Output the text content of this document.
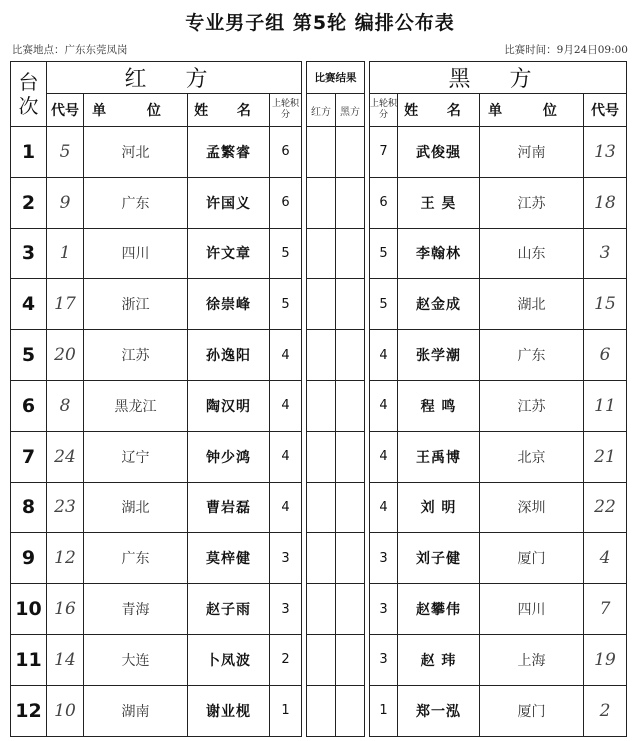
专业男子组 第5轮 编排公布表
比赛地点：广东东莞凤岗	比赛时间：9月24日09:00
台次	红 方					比赛结果			黑 方			
	代号	单 位	姓 名	上轮积分		红方	黑方		上轮积分	姓 名	单 位	代号
1	5	河北	孟繁睿	6					7	武俊强	河南	13
2	9	广东	许国义	6					6	王 昊	江苏	18
3	1	四川	许文章	5					5	李翰林	山东	3
4	17	浙江	徐崇峰	5					5	赵金成	湖北	15
5	20	江苏	孙逸阳	4					4	张学潮	广东	6
6	8	黑龙江	陶汉明	4					4	程 鸣	江苏	11
7	24	辽宁	钟少鸿	4					4	王禹博	北京	21
8	23	湖北	曹岩磊	4					4	刘 明	深圳	22
9	12	广东	莫梓健	3					3	刘子健	厦门	4
10	16	青海	赵子雨	3					3	赵攀伟	四川	7
11	14	大连	卜凤波	2					3	赵 玮	上海	19
12	10	湖南	谢业枧	1					1	郑一泓	厦门	2
